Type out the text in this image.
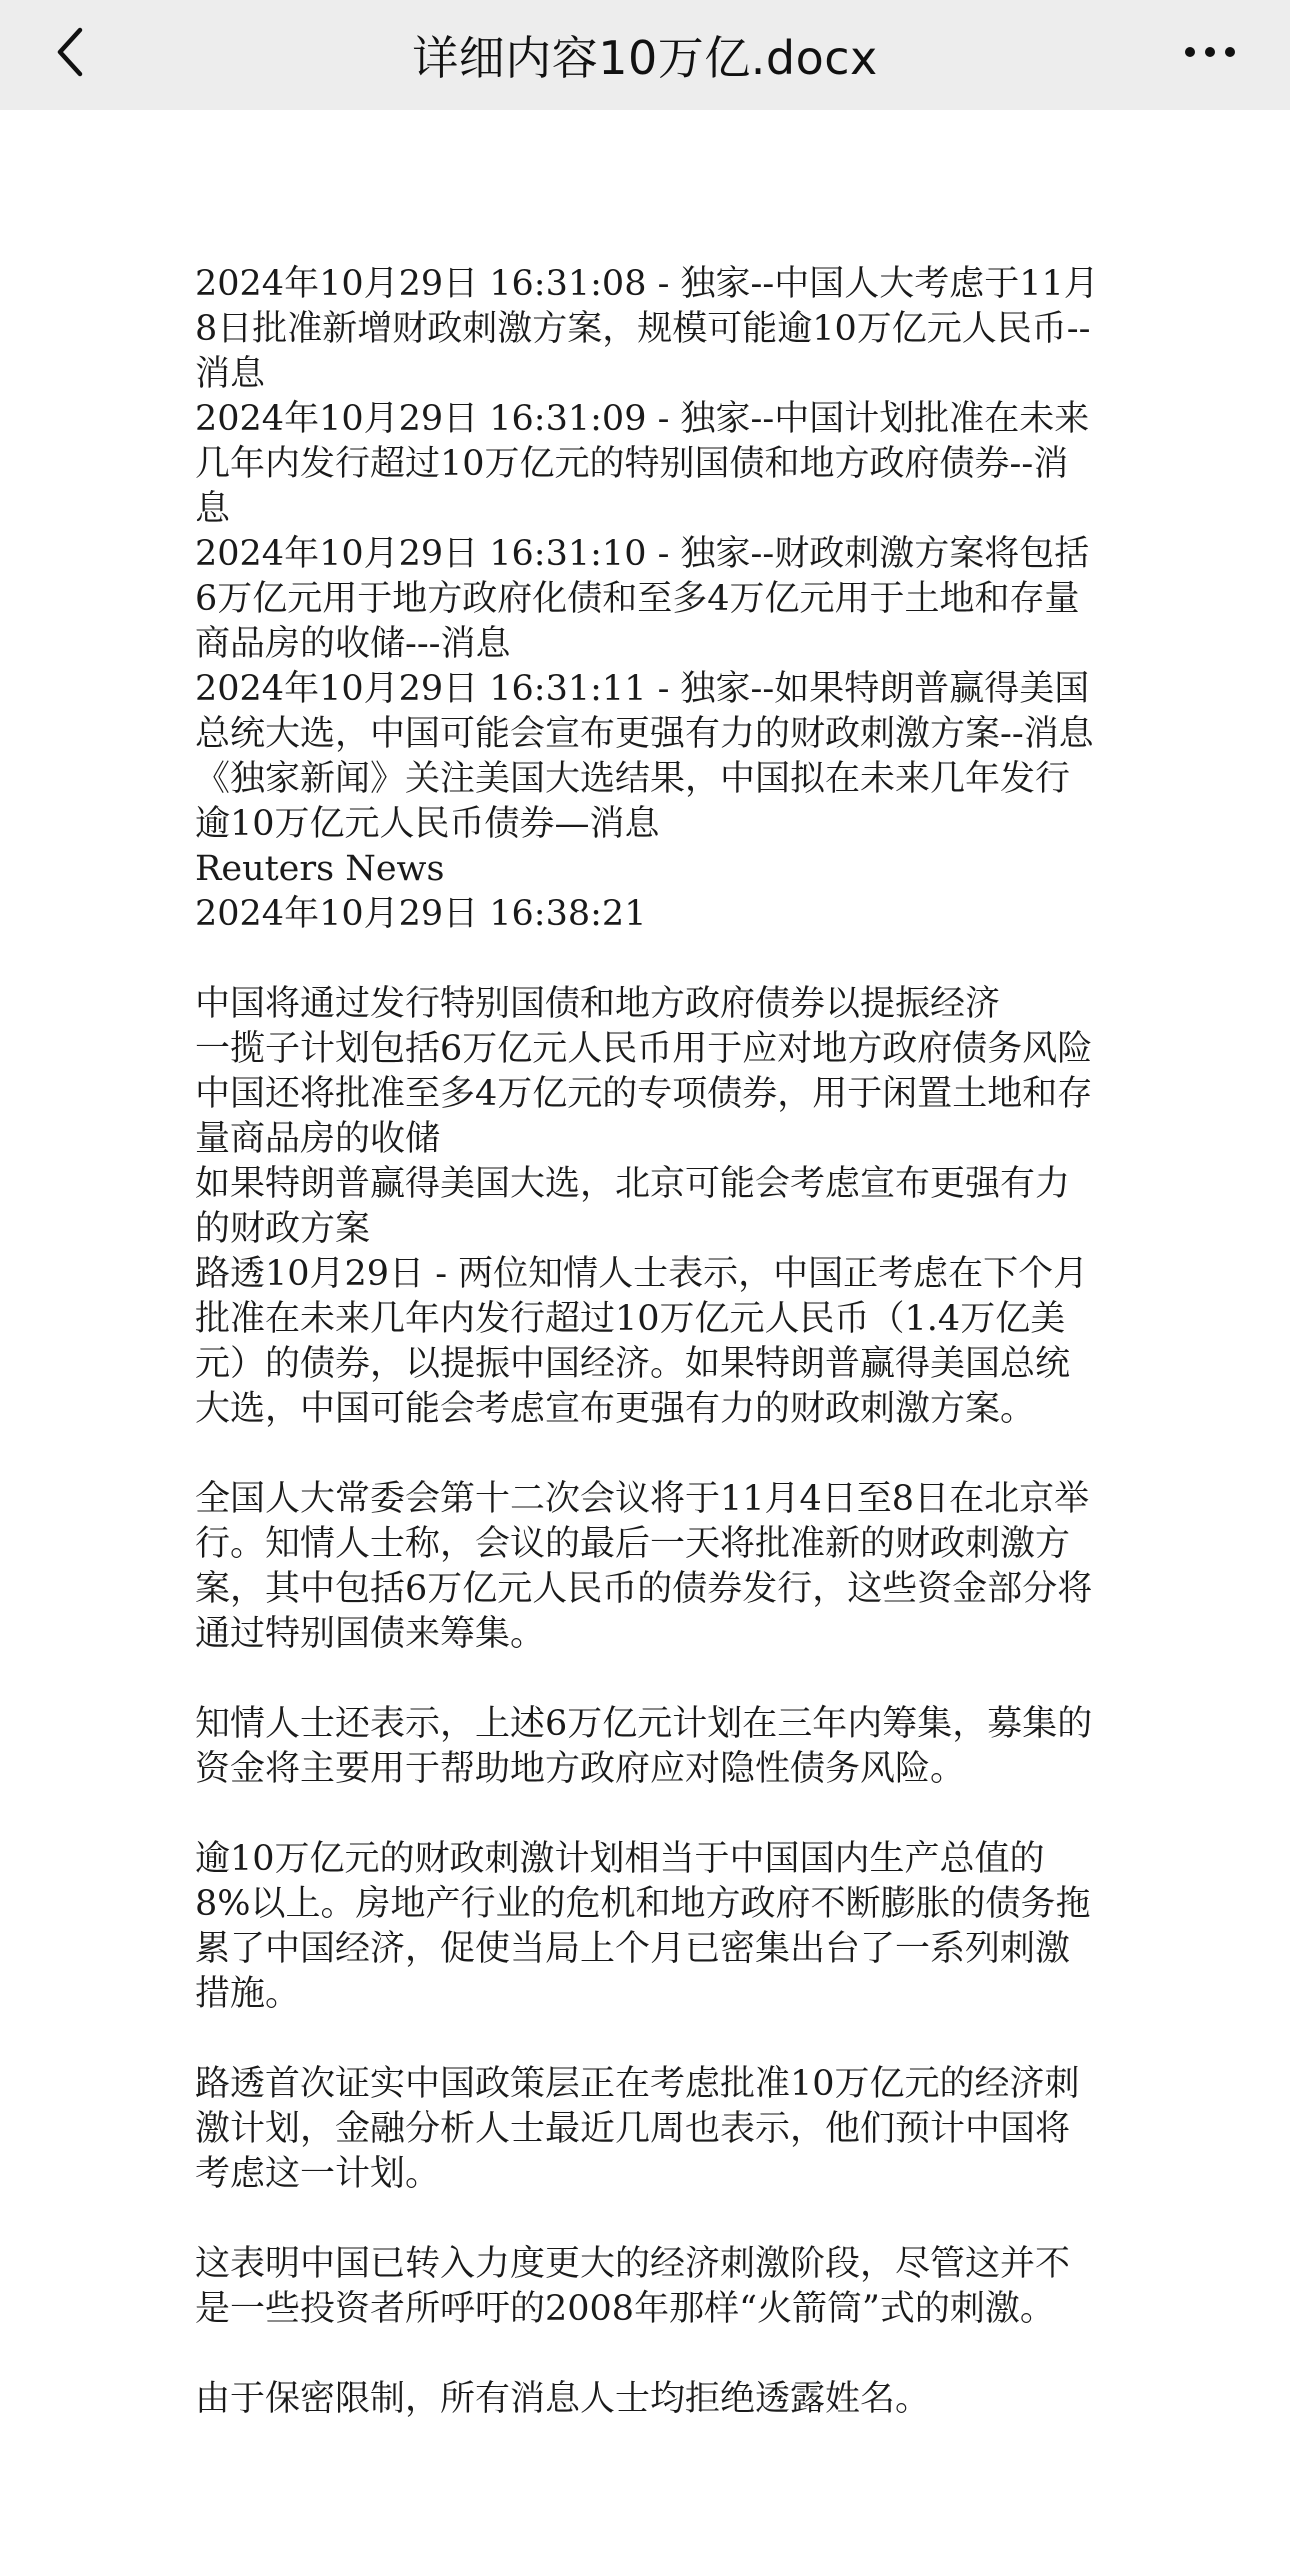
详细内容10万亿.docx
2024年10月29日 16:31:08 - 独家--中国人大考虑于11月8日批准新增财政刺激方案，规模可能逾10万亿元人民币--消息
2024年10月29日 16:31:09 - 独家--中国计划批准在未来几年内发行超过10万亿元的特别国债和地方政府债券--消息
2024年10月29日 16:31:10 - 独家--财政刺激方案将包括6万亿元用于地方政府化债和至多4万亿元用于土地和存量商品房的收储---消息
2024年10月29日 16:31:11 - 独家--如果特朗普赢得美国总统大选，中国可能会宣布更强有力的财政刺激方案--消息
《独家新闻》关注美国大选结果，中国拟在未来几年发行逾10万亿元人民币债券—消息
Reuters News
2024年10月29日 16:38:21
中国将通过发行特别国债和地方政府债券以提振经济
一揽子计划包括6万亿元人民币用于应对地方政府债务风险
中国还将批准至多4万亿元的专项债券，用于闲置土地和存量商品房的收储
如果特朗普赢得美国大选，北京可能会考虑宣布更强有力的财政方案
路透10月29日 - 两位知情人士表示，中国正考虑在下个月批准在未来几年内发行超过10万亿元人民币（1.4万亿美元）的债券，以提振中国经济。如果特朗普赢得美国总统大选，中国可能会考虑宣布更强有力的财政刺激方案。
全国人大常委会第十二次会议将于11月4日至8日在北京举行。知情人士称，会议的最后一天将批准新的财政刺激方案，其中包括6万亿元人民币的债券发行，这些资金部分将通过特别国债来筹集。
知情人士还表示，上述6万亿元计划在三年内筹集，募集的资金将主要用于帮助地方政府应对隐性债务风险。
逾10万亿元的财政刺激计划相当于中国国内生产总值的8%以上。房地产行业的危机和地方政府不断膨胀的债务拖累了中国经济，促使当局上个月已密集出台了一系列刺激措施。
路透首次证实中国政策层正在考虑批准10万亿元的经济刺激计划，金融分析人士最近几周也表示，他们预计中国将考虑这一计划。
这表明中国已转入力度更大的经济刺激阶段，尽管这并不是一些投资者所呼吁的2008年那样“火箭筒”式的刺激。
由于保密限制，所有消息人士均拒绝透露姓名。
